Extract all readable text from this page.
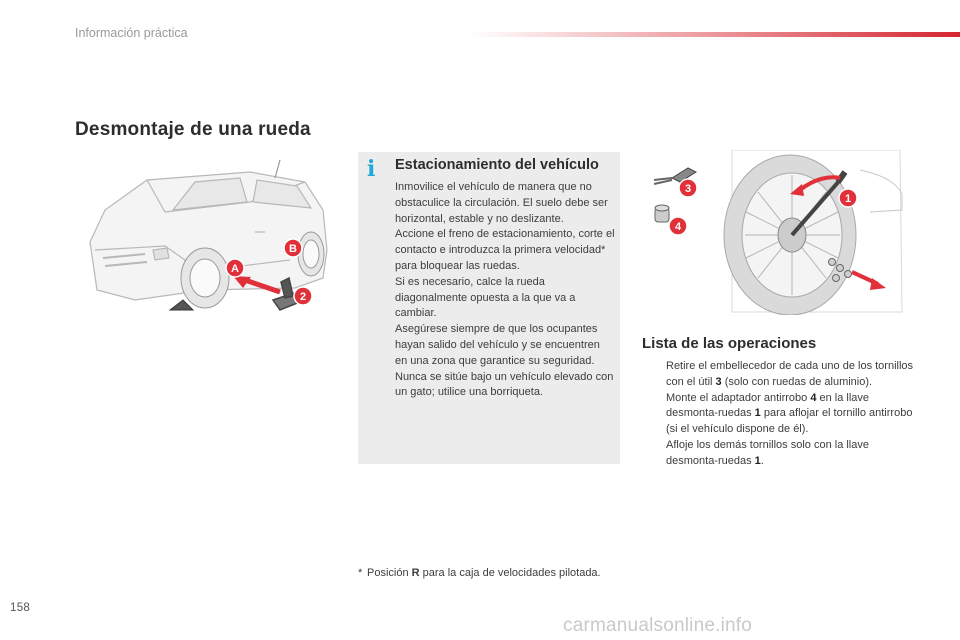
Información práctica
Desmontaje de una rueda
A
B
2
i Estacionamiento del vehículo

Inmovilice el vehículo de manera que no obstaculice la circulación. El suelo debe ser horizontal, estable y no deslizante.

Accione el freno de estacionamiento, corte el contacto e introduzca la primera velocidad* para bloquear las ruedas.

Si es necesario, calce la rueda diagonalmente opuesta a la que va a cambiar.

Asegúrese siempre de que los ocupantes hayan salido del vehículo y se encuentren en una zona que garantice su seguridad.

Nunca se sitúe bajo un vehículo elevado con un gato; utilice una borriqueta.

1
3
4
Lista de las operaciones
Retire el embellecedor de cada uno de los tornillos con el útil 3 (solo con ruedas de aluminio).
Monte el adaptador antirrobo 4 en la llave desmonta-ruedas 1 para aflojar el tornillo antirrobo (si el vehículo dispone de él).
Afloje los demás tornillos solo con la llave desmonta-ruedas 1.
* Posición R para la caja de velocidades pilotada.
158
carmanualsonline.info
